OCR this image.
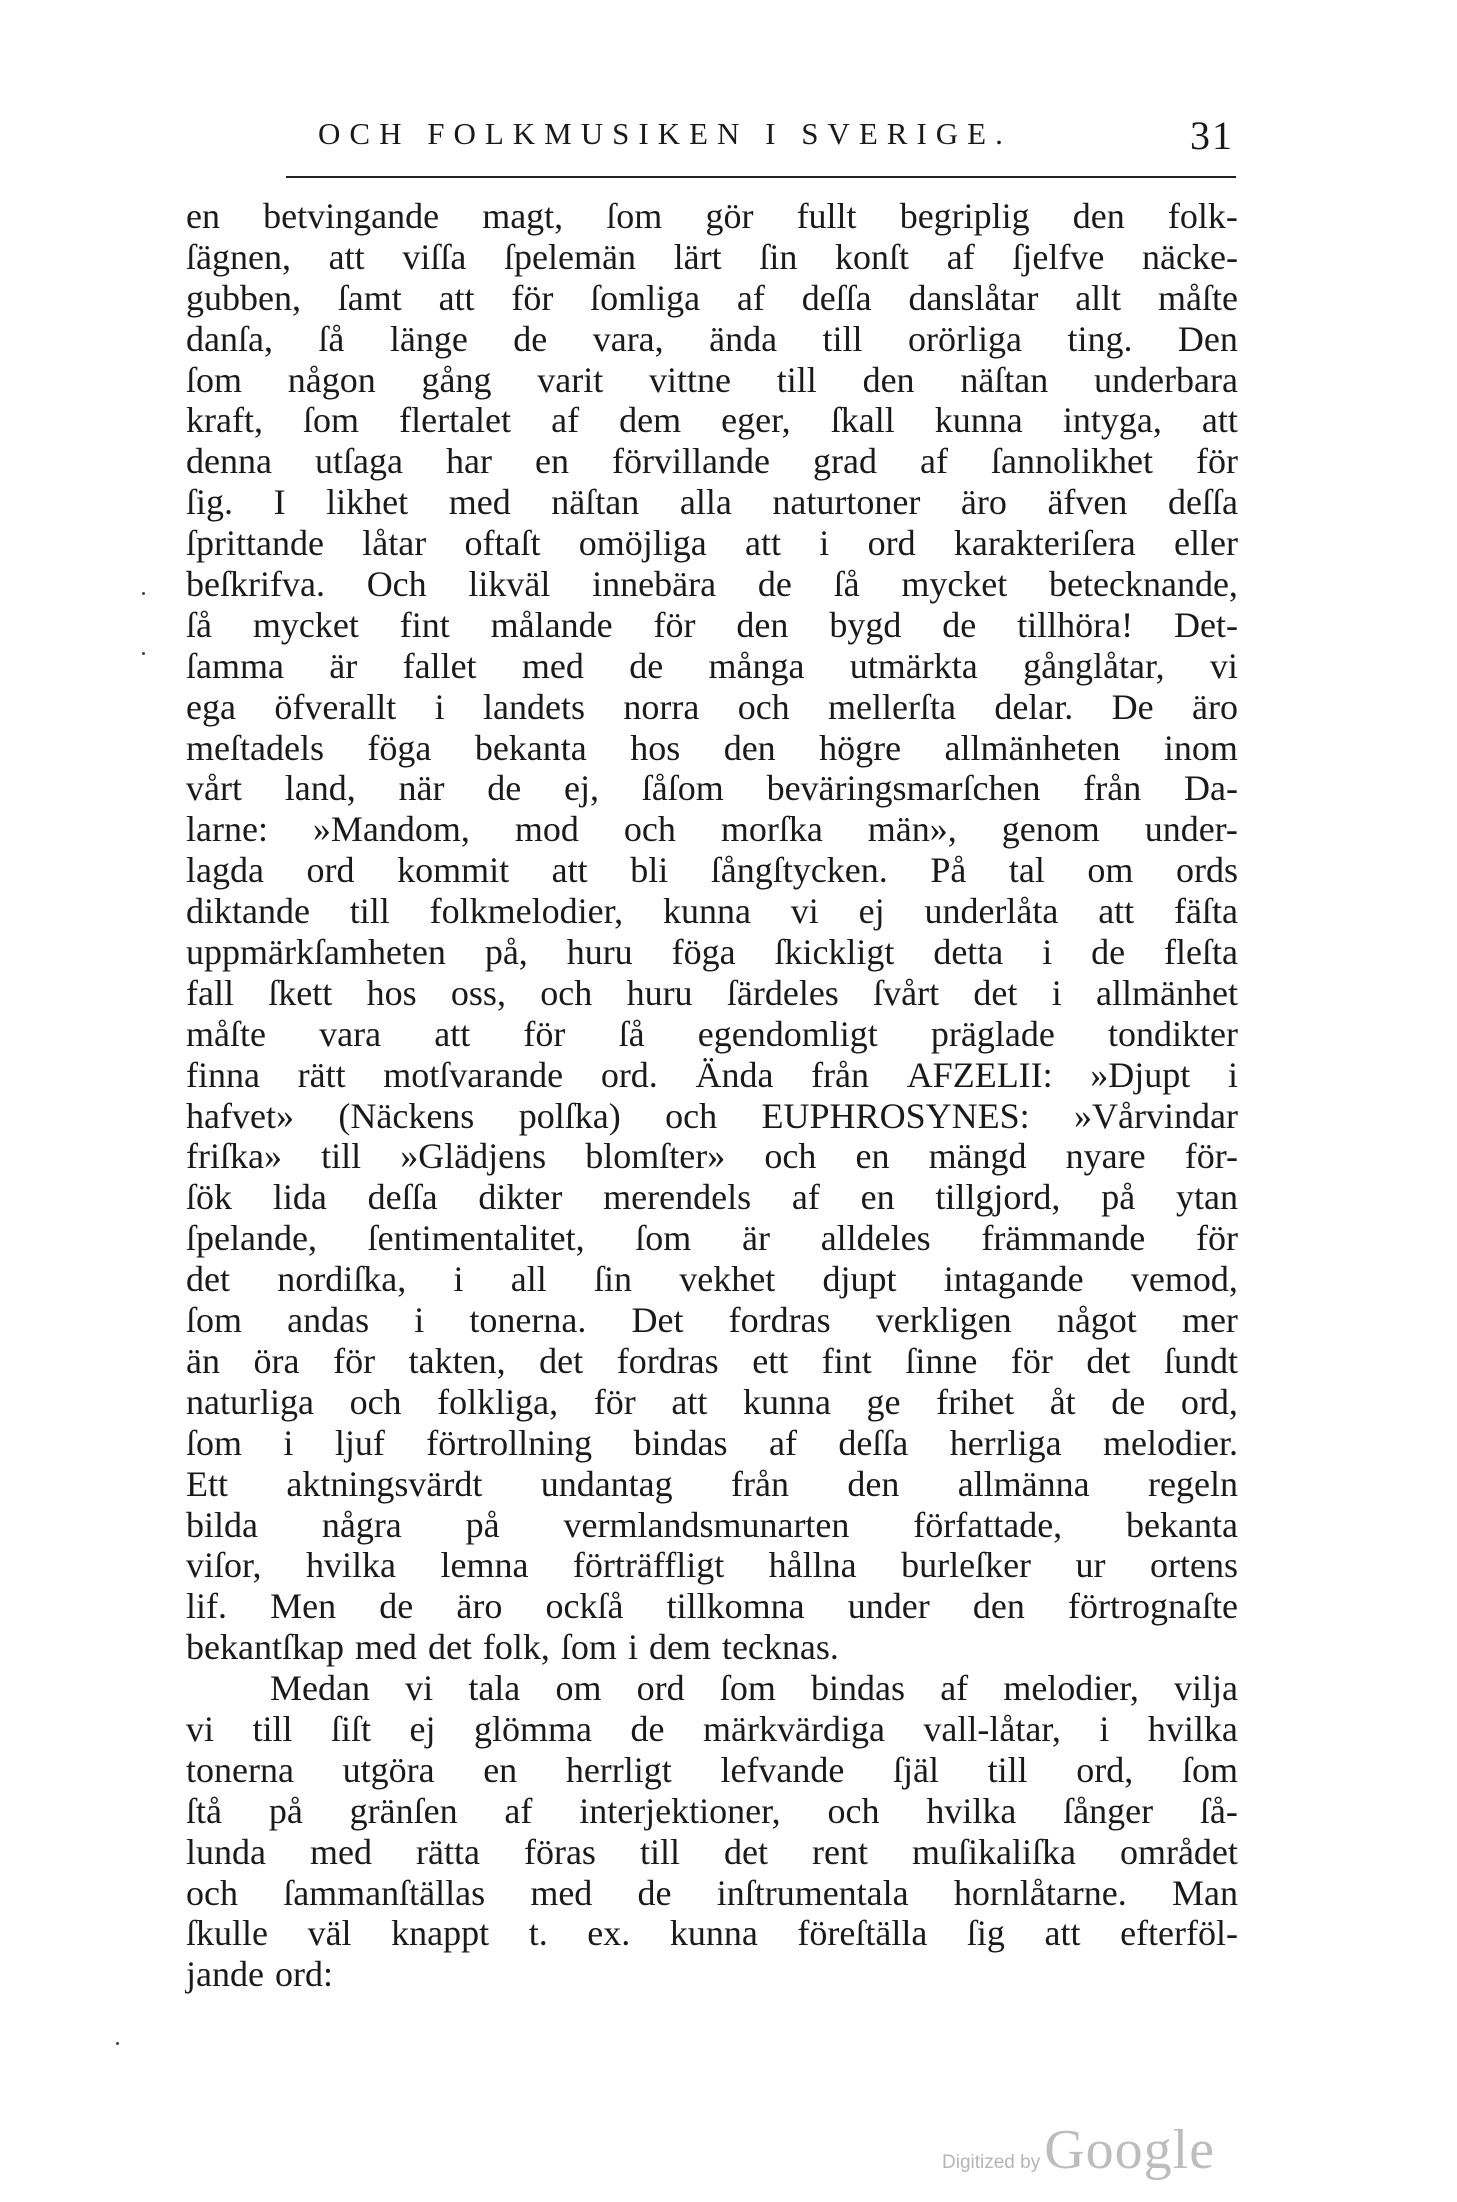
OCH FOLKMUSIKEN I SVERIGE.	31
en betvingande magt, ſom gör fullt begriplig den folk-
ſägnen, att viſſa ſpelemän lärt ſin konſt af ſjelfve näcke-
gubben, ſamt att för ſomliga af deſſa danslåtar allt måſte
danſa, ſå länge de vara, ända till orörliga ting. Den
ſom någon gång varit vittne till den näſtan underbara
kraft, ſom flertalet af dem eger, ſkall kunna intyga, att
denna utſaga har en förvillande grad af ſannolikhet för
ſig. I likhet med näſtan alla naturtoner äro äfven deſſa
ſprittande låtar oftaſt omöjliga att i ord karakteriſera eller
beſkrifva. Och likväl innebära de ſå mycket betecknande,
ſå mycket fint målande för den bygd de tillhöra! Det-
ſamma är fallet med de många utmärkta gånglåtar, vi
ega öfverallt i landets norra och mellerſta delar. De äro
meſtadels föga bekanta hos den högre allmänheten inom
vårt land, när de ej, ſåſom beväringsmarſchen från Da-
larne: »Mandom, mod och morſka män», genom under-
lagda ord kommit att bli ſångſtycken. På tal om ords
diktande till folkmelodier, kunna vi ej underlåta att fäſta
uppmärkſamheten på, huru föga ſkickligt detta i de fleſta
fall ſkett hos oss, och huru ſärdeles ſvårt det i allmänhet
måſte vara att för ſå egendomligt präglade tondikter
finna rätt motſvarande ord. Ända från AFZELII: »Djupt i
hafvet» (Näckens polſka) och EUPHROSYNES: »Vårvindar
friſka» till »Glädjens blomſter» och en mängd nyare för-
ſök lida deſſa dikter merendels af en tillgjord, på ytan
ſpelande, ſentimentalitet, ſom är alldeles främmande för
det nordiſka, i all ſin vekhet djupt intagande vemod,
ſom andas i tonerna. Det fordras verkligen något mer
än öra för takten, det fordras ett fint ſinne för det ſundt
naturliga och folkliga, för att kunna ge frihet åt de ord,
ſom i ljuf förtrollning bindas af deſſa herrliga melodier.
Ett aktningsvärdt undantag från den allmänna regeln
bilda några på vermlandsmunarten författade, bekanta
viſor, hvilka lemna förträffligt hållna burleſker ur ortens
lif. Men de äro ockſå tillkomna under den förtrognaſte
bekantſkap med det folk, ſom i dem tecknas.
Medan vi tala om ord ſom bindas af melodier, vilja
vi till ſiſt ej glömma de märkvärdiga vall-låtar, i hvilka
tonerna utgöra en herrligt lefvande ſjäl till ord, ſom
ſtå på gränſen af interjektioner, och hvilka ſånger ſå-
lunda med rätta föras till det rent muſikaliſka området
och ſammanſtällas med de inſtrumentala hornlåtarne. Man
ſkulle väl knappt t. ex. kunna föreſtälla ſig att efterföl-
jande ord:
Digitized by Google
